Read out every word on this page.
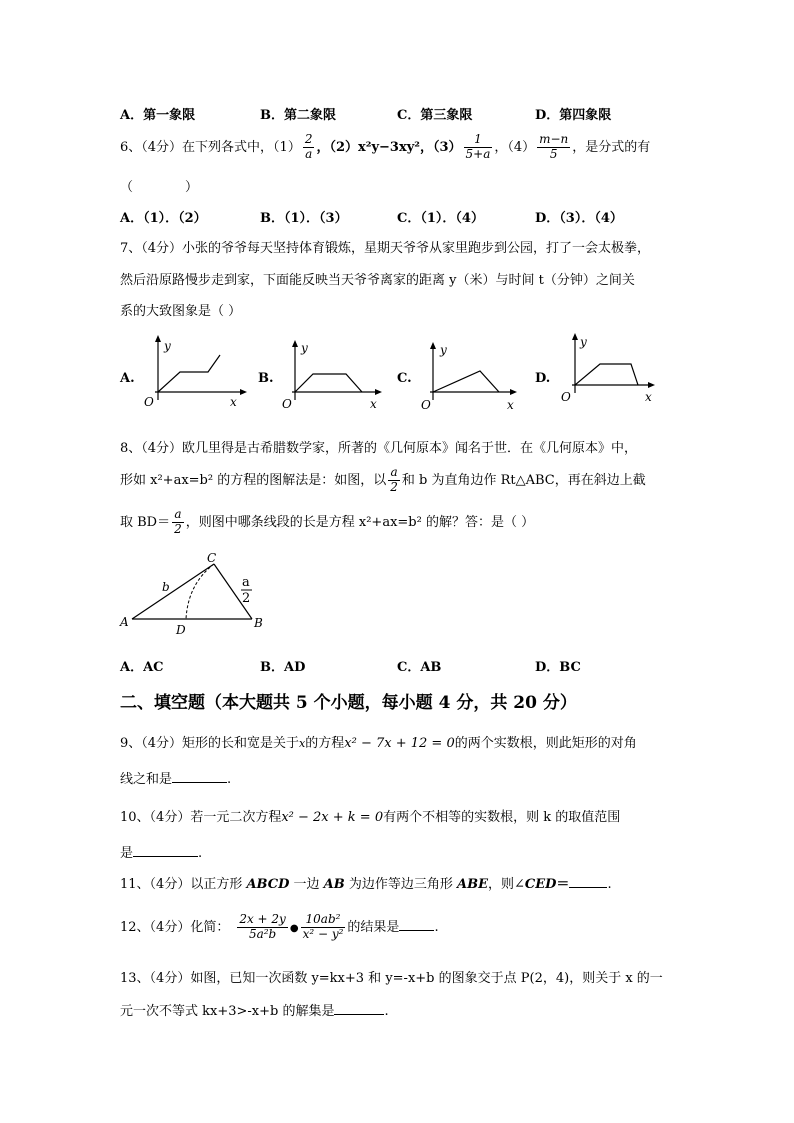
A．第一象限	B．第二象限	C．第三象限	D．第四象限
6、（4分）在下列各式中，$(1) \frac{2}{a}$ ，（2）x²y−3xy²，$(3) \frac{1}{5+a}$ ，$(4) \frac{m-n}{5}$ ，是分式的有
（　　　　）
A．（1）．（2）	B．（1）．（3）	C．（1）．（4）	D．（3）．（4）
7、（4分）小张的爷爷每天坚持体育锻炼，星期天爷爷从家里跑步到公园，打了一会太极拳，
然后沿原路慢步走到家，下面能反映当天爷爷离家的距离 y（米）与时间 t（分钟）之间关
系的大致图象是（ ）
A.
y
x
O
B.
y
x
O
C.
y
x
O
D.
y
x
O
8、（4分）欧几里得是古希腊数学家，所著的《几何原本》闻名于世．在《几何原本》中，
形如 x²+ax=b² 的方程的图解法是：如图，以 $\frac{a}{2}$ 和 b 为直角边作 Rt△ABC，再在斜边上截
取 $BD= \frac{a}{2}$ ，则图中哪条线段的长是方程 x²+ax=b² 的解？答：是（ ）
A	B
C
D
b	a
2
A．AC	B．AD	C．AB	D．BC
二、填空题（本大题共 5 个小题，每小题 4 分，共 20 分）
9、（4分）矩形的长和宽是关于x的方程x² − 7x + 12 = 0的两个实数根，则此矩形的对角
线之和是	.
10、（4分）若一元二次方程x² − 2x + k = 0有两个不相等的实数根，则 k 的取值范围
是	.
11、（4分）以正方形 ABCD 一边 AB 为边作等边三角形 ABE，则∠CED＝	.
12、（4分）化简： $\frac{2x + 2y}{\text{5a²b}}$ ● $\frac{\text{10ab²}}{\text{x² − y²}}$ 的结果是	.
13、（4分）如图，已知一次函数 y=kx+3 和 y=-x+b 的图象交于点 P(2，4)，则关于 x 的一
元一次不等式 kx+3>-x+b 的解集是	.
